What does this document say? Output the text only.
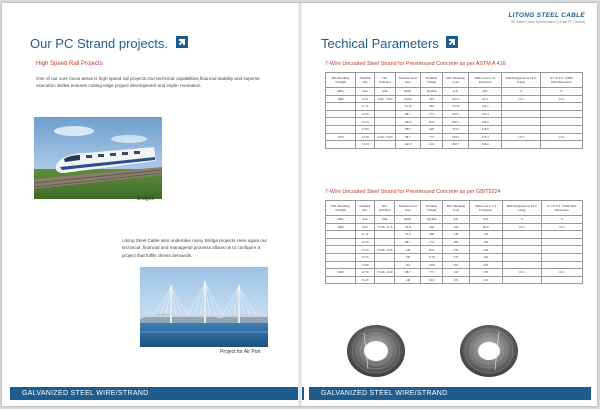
Our PC Strand projects.
High Speed Rail Projects
One of our core focus areas is high speed rail projects.Our technical capabilities,financial stability and superior execution skilles ensures cutting-edge project development and imple- mentation.
Bridges
Litong Steel Cable also undertake many Bridge projects.Here again,our technical ,financial and managerial prowess allows us to configure a project that fulfils clients demands.
Project for Air Port
GALVANIZED STEEL WIRE/STRAND
LITONG STEEL CABLE
HC Steel Cable Specification (China PC Strand)
Techical Parameters
7-Wire Uncoated Steel Strand for Prestressed Concrete as per ASTM A 416
Min.Breaking Strength	Nominal Dia.	Dia. Tolerance	Nominal Steel Area	Nominal Weight	Min. Breaking Load	Min.Load at 1% Extension	Min.Elongation in 24 ft Gauge	0.7×U.T.S. 1000h Max.Relaxation
MPA	mm	mm	Mm2	Kg/Km	KN	KN	%	%
1860	9.53	-0.00, +0.65	54.84	432	102.3	92.1	≥3.5	≤2.5
	11.11		74.19	582	137.9	124.1		
	12.70		98.7	775	183.7	165.3		
	15.24		140.0	1102	260.7	234.6		
	17.80		189.7	1487	353.2	318.0		
2070	12.70	-0.00, +0.65	98.7	775	183.7	175.3	≥3.5	≤2.5
	15.24		140.0	1102	260.7	234.6		
7-Wire Uncoated Steel Strand for Prestressed Concrete as per GB/T5224
Min. Breaking Strength	Nominal Dia.	Dia. Tolerance	Nominal Steel Area	Nominal Weight	Min. Breaking Load	Min.Load at 1% Extension	Min.Elongation in 24 ft Gauge	0.7×U.T.S. 1000h Max Relaxation
MPA	mm	mm	Mm2	Kg/Km	KN	KN	%	%
1860	9.50	+0.30, -0.15	54.8	432	102	90.0	≥3.5	≤2.5
	11.10		74.2	580	138	122		
	12.70		98.7	774	184	162		
	15.20	+0.40, -0.20	140	1101	259	228		
	15.70		150	1178	279	246		
	17.80		191	1500	353	318		
1960	12.70	+0.40, -0.20	98.7	775	193	170	≥3.5	≤2.5
	15.20		140	1101	274	241		
GALVANIZED STEEL WIRE/STRAND
